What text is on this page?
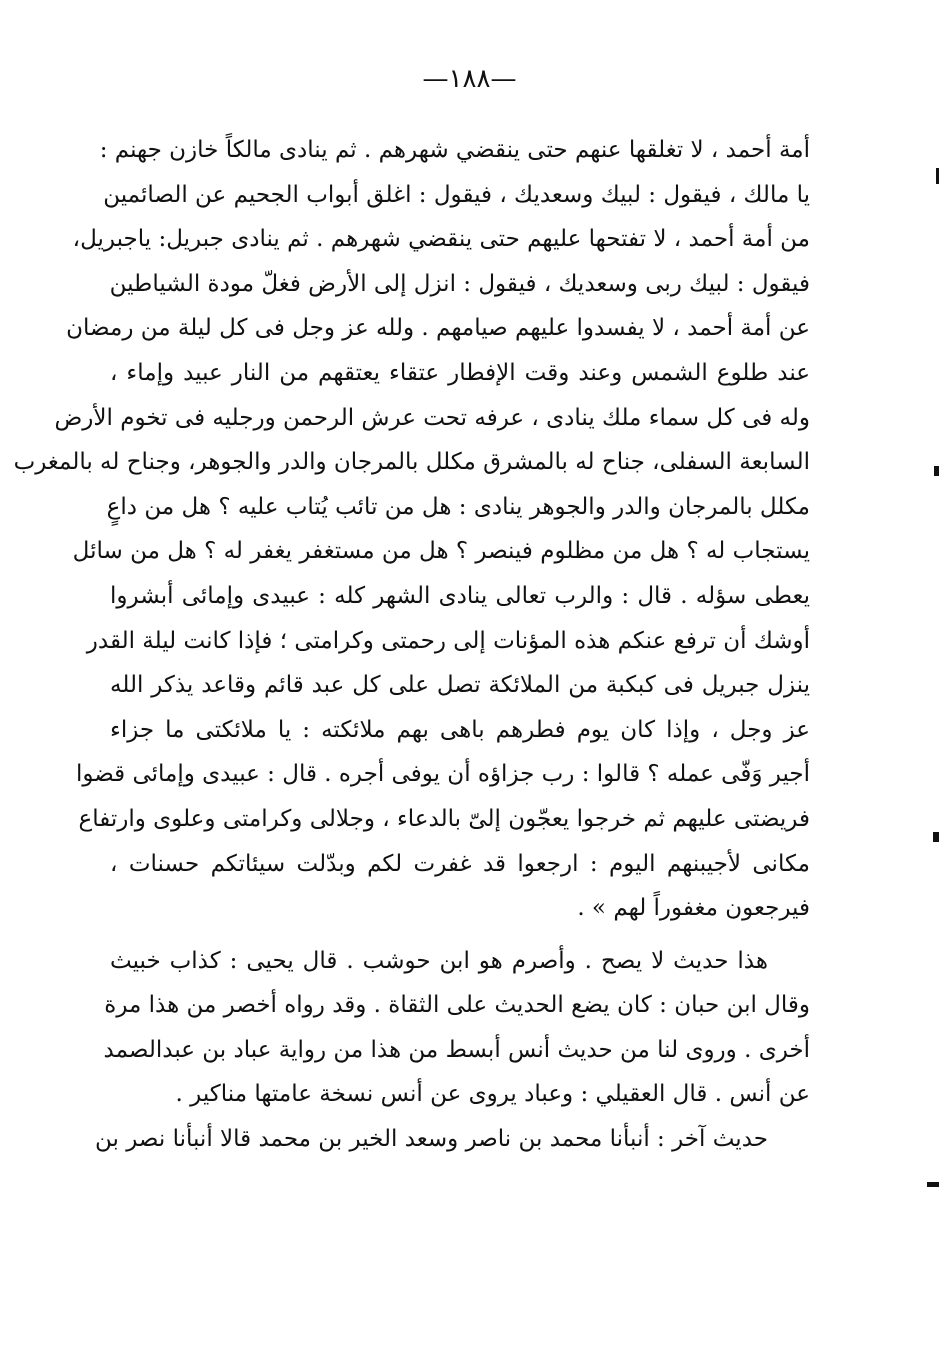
—١٨٨—
أمة أحمد ، لا تغلقها عنهم حتى ينقضي شهرهم . ثم ينادى مالكاً خازن جهنم :
يا مالك ، فيقول : لبيك وسعديك ، فيقول : اغلق أبواب الجحيم عن الصائمين
من أمة أحمد ، لا تفتحها عليهم حتى ينقضي شهرهم . ثم ينادى جبريل: ياجبريل،
فيقول : لبيك ربى وسعديك ، فيقول : انزل إلى الأرض فغلّ مودة الشياطين
عن أمة أحمد ، لا يفسدوا عليهم صيامهم . ولله عز وجل فى كل ليلة من رمضان
عند طلوع الشمس وعند وقت الإفطار عتقاء يعتقهم من النار عبيد وإماء ،
وله فى كل سماء ملك ينادى ، عرفه تحت عرش الرحمن ورجليه فى تخوم الأرض
السابعة السفلى، جناح له بالمشرق مكلل بالمرجان والدر والجوهر، وجناح له بالمغرب
مكلل بالمرجان والدر والجوهر ينادى : هل من تائب يُتاب عليه ؟ هل من داعٍ
يستجاب له ؟ هل من مظلوم فينصر ؟ هل من مستغفر يغفر له ؟ هل من سائل
يعطى سؤله . قال : والرب تعالى ينادى الشهر كله : عبيدى وإمائى أبشروا
أوشك أن ترفع عنكم هذه المؤنات إلى رحمتى وكرامتى ؛ فإذا كانت ليلة القدر
ينزل جبريل فى كبكبة من الملائكة تصل على كل عبد قائم وقاعد يذكر الله
عز وجل ، وإذا كان يوم فطرهم باهى بهم ملائكته : يا ملائكتى ما جزاء
أجير وَفّى عمله ؟ قالوا : رب جزاؤه أن يوفى أجره . قال : عبيدى وإمائى قضوا
فريضتى عليهم ثم خرجوا يعجّون إلىّ بالدعاء ، وجلالى وكرامتى وعلوى وارتفاع
مكانى لأجيبنهم اليوم : ارجعوا قد غفرت لكم وبدّلت سيئاتكم حسنات ،
فيرجعون مغفوراً لهم » .
هذا حديث لا يصح . وأصرم هو ابن حوشب . قال يحيى : كذاب خبيث
وقال ابن حبان : كان يضع الحديث على الثقاة . وقد رواه أخصر من هذا مرة
أخرى . وروى لنا من حديث أنس أبسط من هذا من رواية عباد بن عبدالصمد
عن أنس . قال العقيلي : وعباد يروى عن أنس نسخة عامتها مناكير .
حديث آخر : أنبأنا محمد بن ناصر وسعد الخير بن محمد قالا أنبأنا نصر بن
